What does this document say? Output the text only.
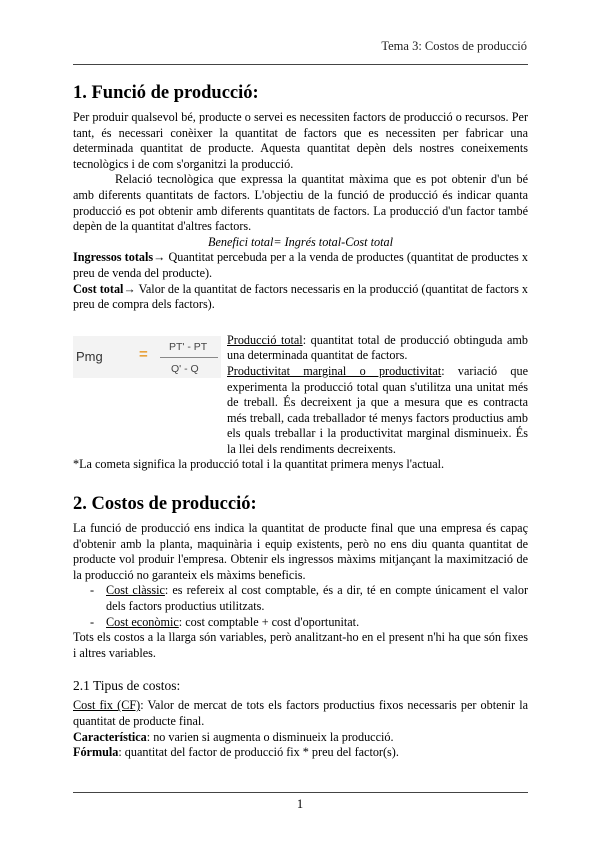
Tema 3: Costos de producció
1. Funció de producció:

Per produir qualsevol bé, producte o servei es necessiten factors de producció o recursos. Per tant, és necessari conèixer la quantitat de factors que es necessiten per fabricar una determinada quantitat de producte. Aquesta quantitat depèn dels nostres coneixements tecnològics i de com s'organitzi la producció.

Relació tecnològica que expressa la quantitat màxima que es pot obtenir d'un bé amb diferents quantitats de factors. L'objectiu de la funció de producció és indicar quanta producció es pot obtenir amb diferents quantitats de factors. La producció d'un factor també depèn de la quantitat d'altres factors.

Benefici total= Ingrés total-Cost total

Ingressos totals→ Quantitat percebuda per a la venda de productes (quantitat de productes x preu de venda del producte).

Cost total→ Valor de la quantitat de factors necessaris en la producció (quantitat de factors x preu de compra dels factors).

Pmg = PT' - PT
Q' - Q

Producció total: quantitat total de producció obtinguda amb una determinada quantitat de factors.

Productivitat marginal o productivitat: variació que experimenta la producció total quan s'utilitza una unitat més de treball. És decreixent ja que a mesura que es contracta més treball, cada treballador té menys factors productius amb els quals treballar i la productivitat marginal disminueix. És la llei dels rendiments decreixents.

*La cometa significa la producció total i la quantitat primera menys l'actual.

2. Costos de producció:

La funció de producció ens indica la quantitat de producte final que una empresa és capaç d'obtenir amb la planta, maquinària i equip existents, però no ens diu quanta quantitat de producte vol produir l'empresa. Obtenir els ingressos màxims mitjançant la maximització de la producció no garanteix els màxims beneficis.

- Cost clàssic: es refereix al cost comptable, és a dir, té en compte únicament el valor dels factors productius utilitzats.
- Cost econòmic: cost comptable + cost d'oportunitat.

Tots els costos a la llarga són variables, però analitzant-ho en el present n'hi ha que són fixes i altres variables.

2.1 Tipus de costos:

Cost fix (CF): Valor de mercat de tots els factors productius fixos necessaris per obtenir la quantitat de producte final.

Característica: no varien si augmenta o disminueix la producció.

Fórmula: quantitat del factor de producció fix * preu del factor(s).

1
